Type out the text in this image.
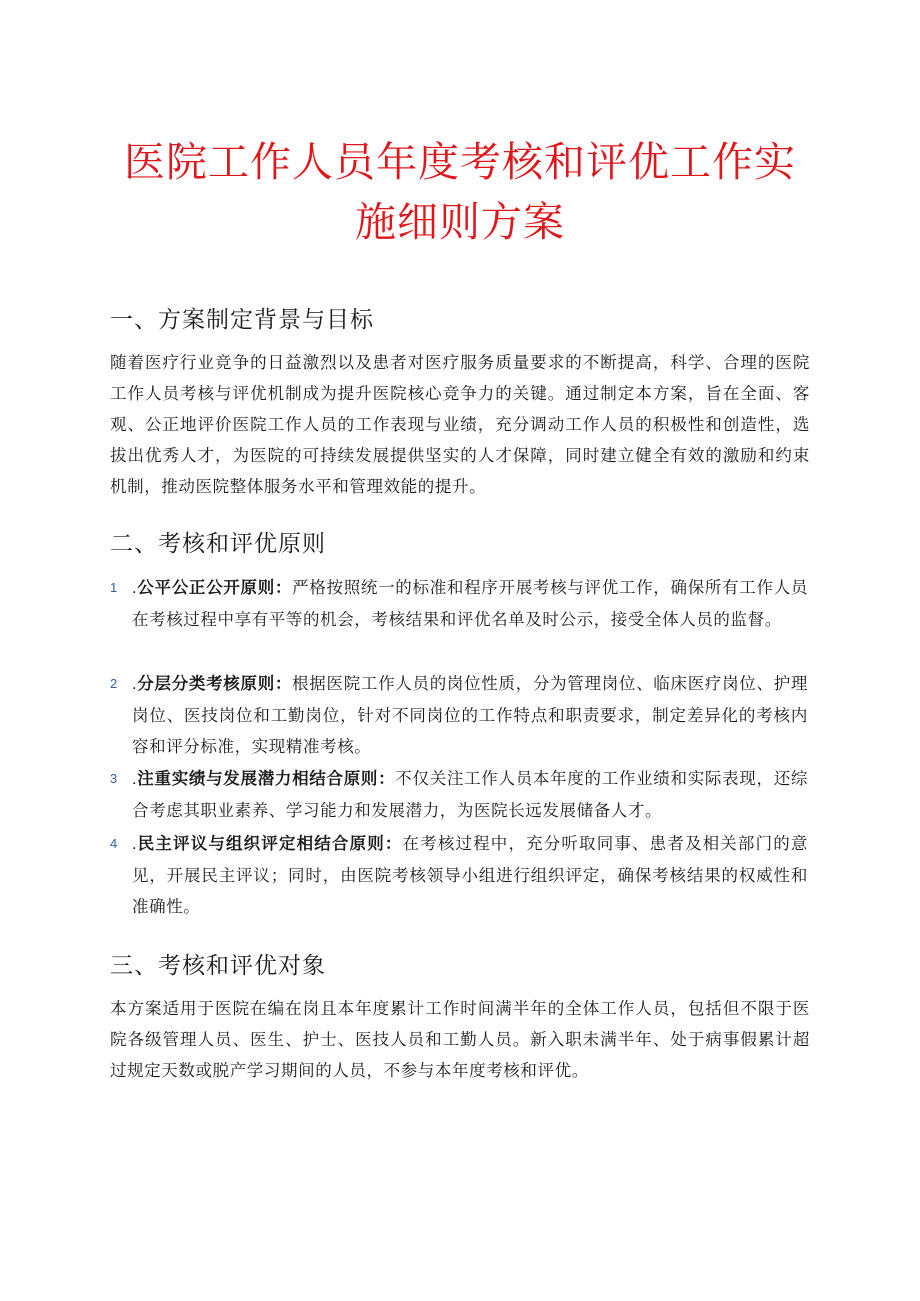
医院工作人员年度考核和评优工作实
施细则方案
一、方案制定背景与目标

随着医疗行业竞争的日益激烈以及患者对医疗服务质量要求的不断提高，科学、合理的医院工作人员考核与评优机制成为提升医院核心竞争力的关键。通过制定本方案，旨在全面、客观、公正地评价医院工作人员的工作表现与业绩，充分调动工作人员的积极性和创造性，选拔出优秀人才，为医院的可持续发展提供坚实的人才保障，同时建立健全有效的激励和约束机制，推动医院整体服务水平和管理效能的提升。

二、考核和评优原则
1 .公平公正公开原则：严格按照统一的标准和程序开展考核与评优工作，确保所有工作人员在考核过程中享有平等的机会，考核结果和评优名单及时公示，接受全体人员的监督。
2 .分层分类考核原则：根据医院工作人员的岗位性质，分为管理岗位、临床医疗岗位、护理岗位、医技岗位和工勤岗位，针对不同岗位的工作特点和职责要求，制定差异化的考核内容和评分标准，实现精准考核。
3 .注重实绩与发展潜力相结合原则：不仅关注工作人员本年度的工作业绩和实际表现，还综合考虑其职业素养、学习能力和发展潜力，为医院长远发展储备人才。
4 .民主评议与组织评定相结合原则：在考核过程中，充分听取同事、患者及相关部门的意见，开展民主评议；同时，由医院考核领导小组进行组织评定，确保考核结果的权威性和准确性。
三、考核和评优对象

本方案适用于医院在编在岗且本年度累计工作时间满半年的全体工作人员，包括但不限于医院各级管理人员、医生、护士、医技人员和工勤人员。新入职未满半年、处于病事假累计超过规定天数或脱产学习期间的人员，不参与本年度考核和评优。
